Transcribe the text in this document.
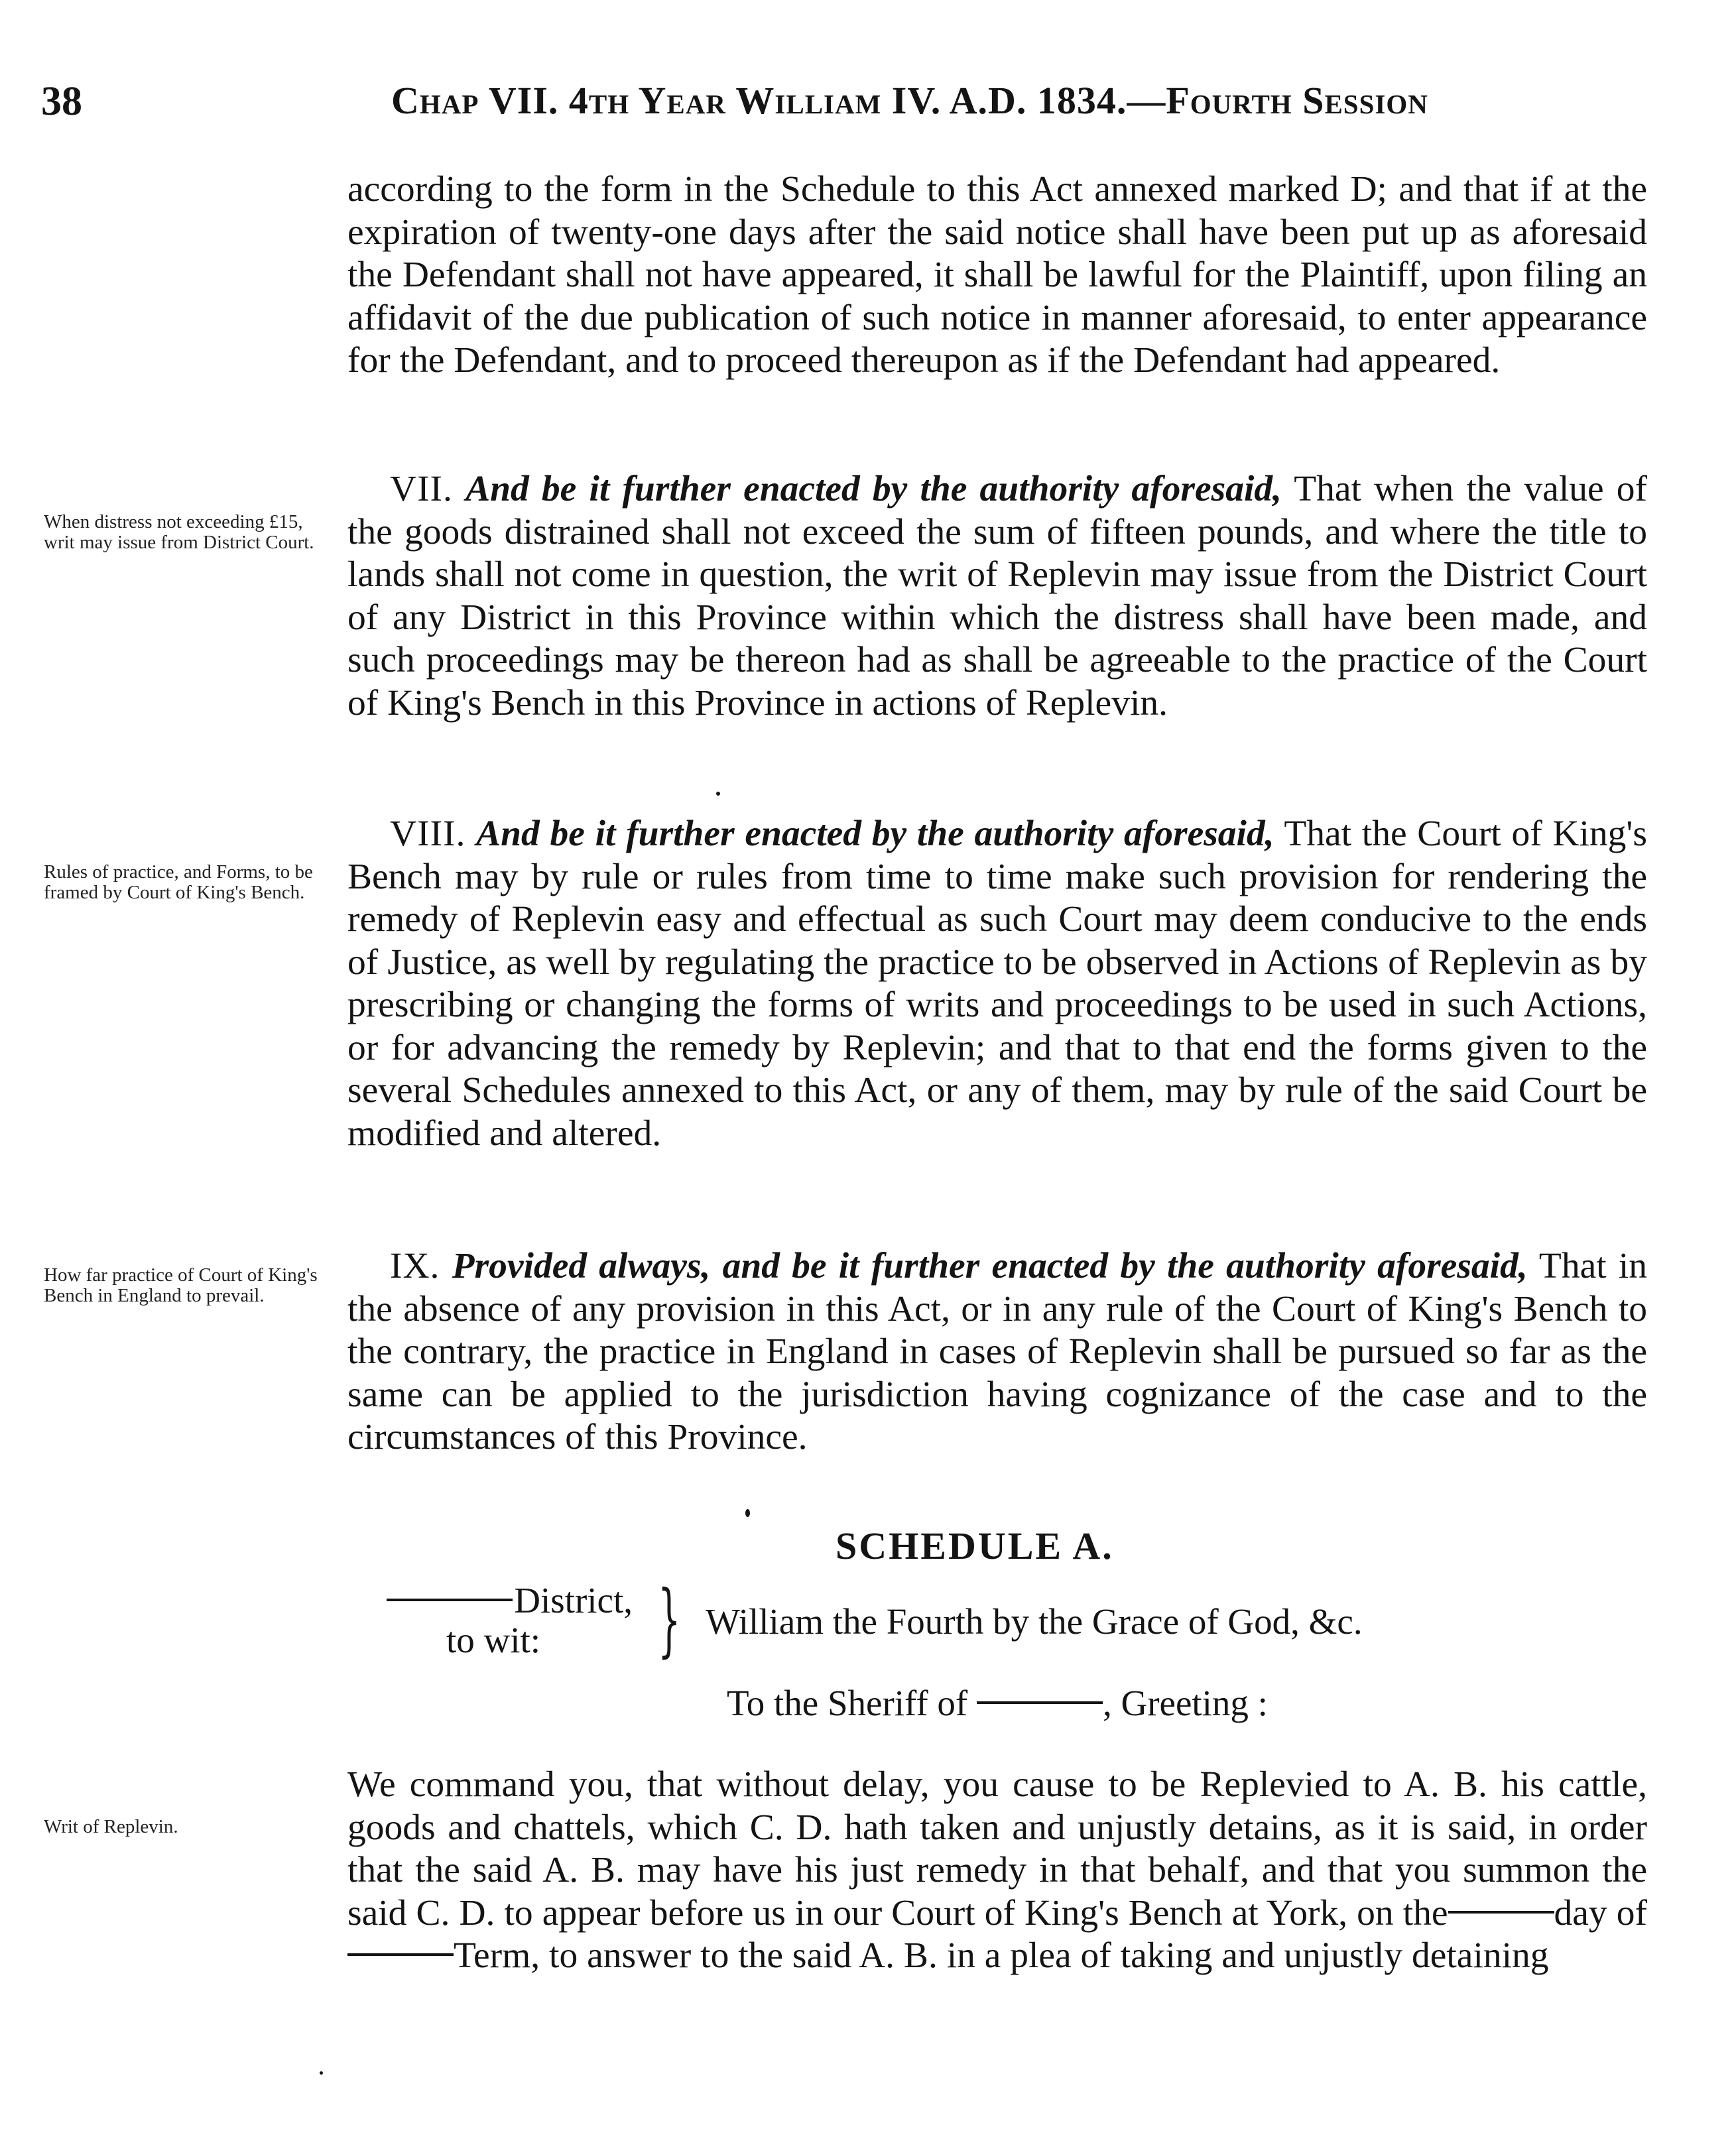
38	Chap VII. 4th Year William IV. A.D. 1834.—Fourth Session

according to the form in the Schedule to this Act annexed marked D; and that if at the expiration of twenty-one days after the said notice shall have been put up as aforesaid the Defendant shall not have appeared, it shall be lawful for the Plaintiff, upon filing an affidavit of the due publication of such notice in manner aforesaid, to enter appearance for the Defendant, and to proceed thereupon as if the Defendant had appeared.

When distress not exceeding £15, writ may issue from District Court.

VII. And be it further enacted by the authority aforesaid, That when the value of the goods distrained shall not exceed the sum of fifteen pounds, and where the title to lands shall not come in question, the writ of Replevin may issue from the District Court of any District in this Province within which the distress shall have been made, and such proceedings may be thereon had as shall be agreeable to the practice of the Court of King's Bench in this Province in actions of Replevin.

Rules of practice, and Forms, to be framed by Court of King's Bench.

VIII. And be it further enacted by the authority aforesaid, That the Court of King's Bench may by rule or rules from time to time make such provision for rendering the remedy of Replevin easy and effectual as such Court may deem conducive to the ends of Justice, as well by regulating the practice to be observed in Actions of Replevin as by prescribing or changing the forms of writs and proceedings to be used in such Actions, or for advancing the remedy by Replevin; and that to that end the forms given to the several Schedules annexed to this Act, or any of them, may by rule of the said Court be modified and altered.

How far practice of Court of King's Bench in England to prevail.

IX. Provided always, and be it further enacted by the authority aforesaid, That in the absence of any provision in this Act, or in any rule of the Court of King's Bench to the contrary, the practice in England in cases of Replevin shall be pursued so far as the same can be applied to the jurisdiction having cognizance of the case and to the circumstances of this Province.

SCHEDULE A.
District,
to wit:	} William the Fourth by the Grace of God, &c.
To the Sheriff of	, Greeting :
Writ of Replevin.

We command you, that without delay, you cause to be Replevied to A. B. his cattle, goods and chattels, which C. D. hath taken and unjustly detains, as it is said, in order that the said A. B. may have his just remedy in that behalf, and that you summon the said C. D. to appear before us in our Court of King's Bench at York, on the	day ofTerm, to answer to the said A. B. in a plea of taking and unjustly detaining
